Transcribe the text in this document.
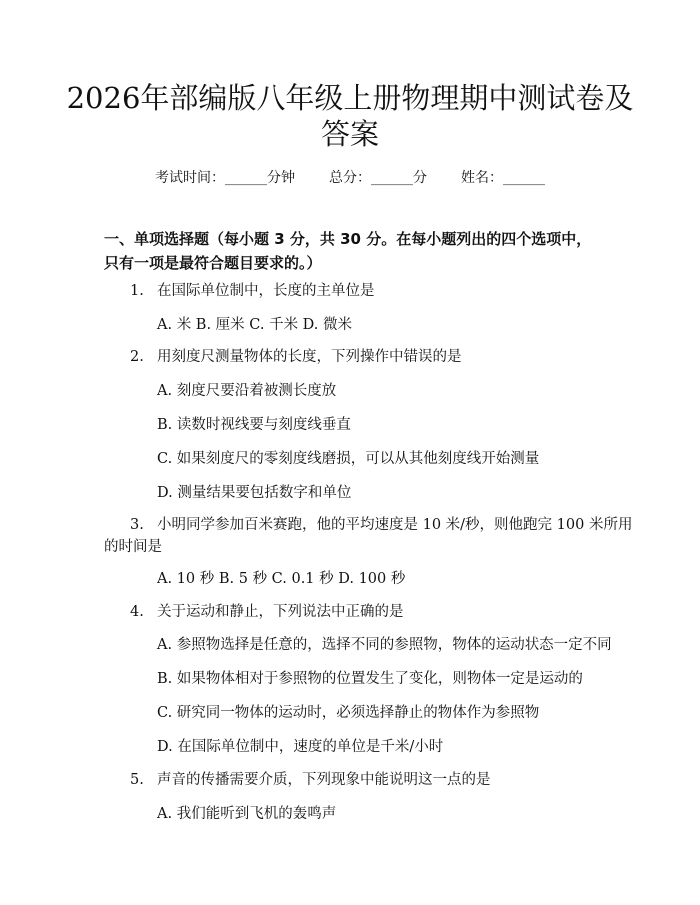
2026年部编版八年级上册物理期中测试卷及答案
考试时间：______分钟 总分：______分 姓名：______
一、单项选择题（每小题 3 分，共 30 分。在每小题列出的四个选项中，只有一项是最符合题目要求的。）
1. 在国际单位制中，长度的主单位是
A. 米 B. 厘米 C. 千米 D. 微米
2. 用刻度尺测量物体的长度，下列操作中错误的是
A. 刻度尺要沿着被测长度放
B. 读数时视线要与刻度线垂直
C. 如果刻度尺的零刻度线磨损，可以从其他刻度线开始测量
D. 测量结果要包括数字和单位
3. 小明同学参加百米赛跑，他的平均速度是 10 米/秒，则他跑完 100 米所用
的时间是
A. 10 秒 B. 5 秒 C. 0.1 秒 D. 100 秒
4. 关于运动和静止，下列说法中正确的是
A. 参照物选择是任意的，选择不同的参照物，物体的运动状态一定不同
B. 如果物体相对于参照物的位置发生了变化，则物体一定是运动的
C. 研究同一物体的运动时，必须选择静止的物体作为参照物
D. 在国际单位制中，速度的单位是千米/小时
5. 声音的传播需要介质，下列现象中能说明这一点的是
A. 我们能听到飞机的轰鸣声
